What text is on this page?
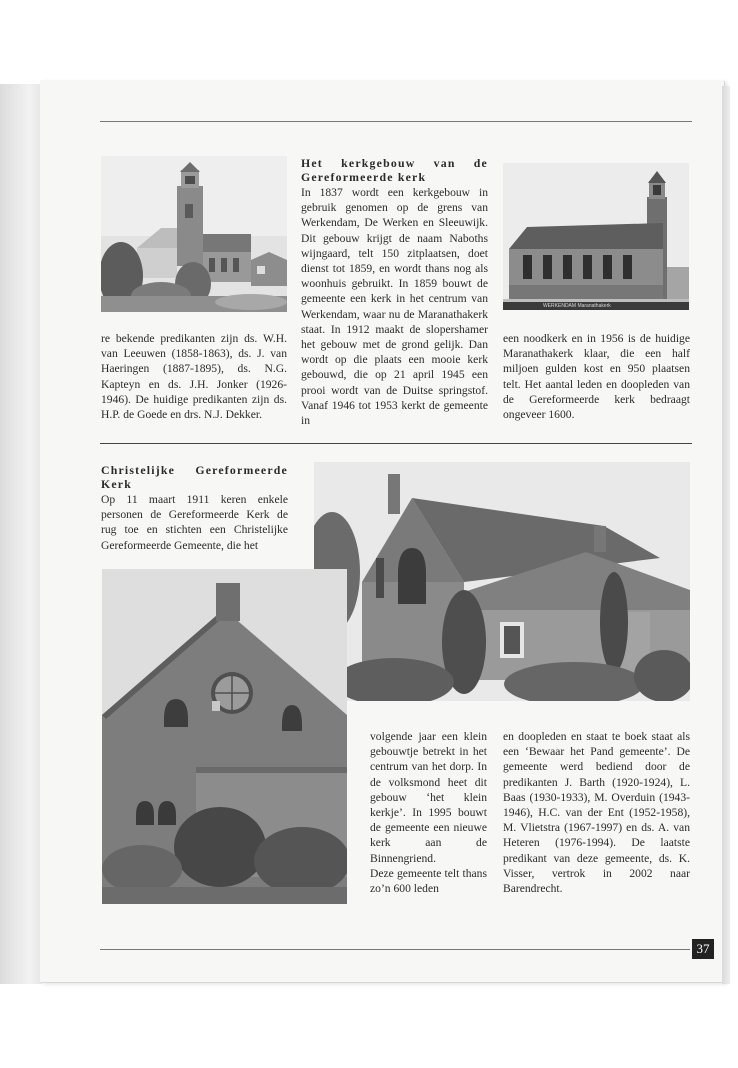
re bekende predikanten zijn ds. W.H. van Leeuwen (1858-1863), ds. J. van Haeringen (1887-1895), ds. N.G. Kapteyn en ds. J.H. Jonker (1926-1946). De huidige predikanten zijn ds. H.P. de Goede en drs. N.J. Dekker.
Het kerkgebouw van de Gereformeerde kerk
In 1837 wordt een kerkgebouw in gebruik genomen op de grens van Werkendam, De Werken en Sleeuwijk. Dit gebouw krijgt de naam Naboths wijngaard, telt 150 zitplaatsen, doet dienst tot 1859, en wordt thans nog als woonhuis gebruikt. In 1859 bouwt de gemeente een kerk in het centrum van Werkendam, waar nu de Maranathakerk staat. In 1912 maakt de slopershamer het gebouw met de grond gelijk. Dan wordt op die plaats een mooie kerk gebouwd, die op 21 april 1945 een prooi wordt van de Duitse springstof. Vanaf 1946 tot 1953 kerkt de gemeente in
WERKENDAM Maranathakerk
een noodkerk en in 1956 is de huidige Maranathakerk klaar, die een half miljoen gulden kost en 950 plaatsen telt. Het aantal leden en doopleden van de Gereformeerde kerk bedraagt ongeveer 1600.
Christelijke Gereformeerde Kerk
Op 11 maart 1911 keren enkele personen de Gereformeerde Kerk de rug toe en stichten een Christelijke Gereformeerde Gemeente, die het
volgende jaar een klein gebouwtje betrekt in het centrum van het dorp. In de volksmond heet dit gebouw ‘het klein kerkje’. In 1995 bouwt de gemeente een nieuwe kerk aan de Binnengriend.
Deze gemeente telt thans zo’n 600 leden
en doopleden en staat te boek staat als een ‘Bewaar het Pand gemeente’. De gemeente werd bediend door de predikanten J. Barth (1920-1924), L. Baas (1930-1933), M. Overduin (1943-1946), H.C. van der Ent (1952-1958), M. Vlietstra (1967-1997) en ds. A. van Heteren (1976-1994). De laatste predikant van deze gemeente, ds. K. Visser, vertrok in 2002 naar Barendrecht.
37
